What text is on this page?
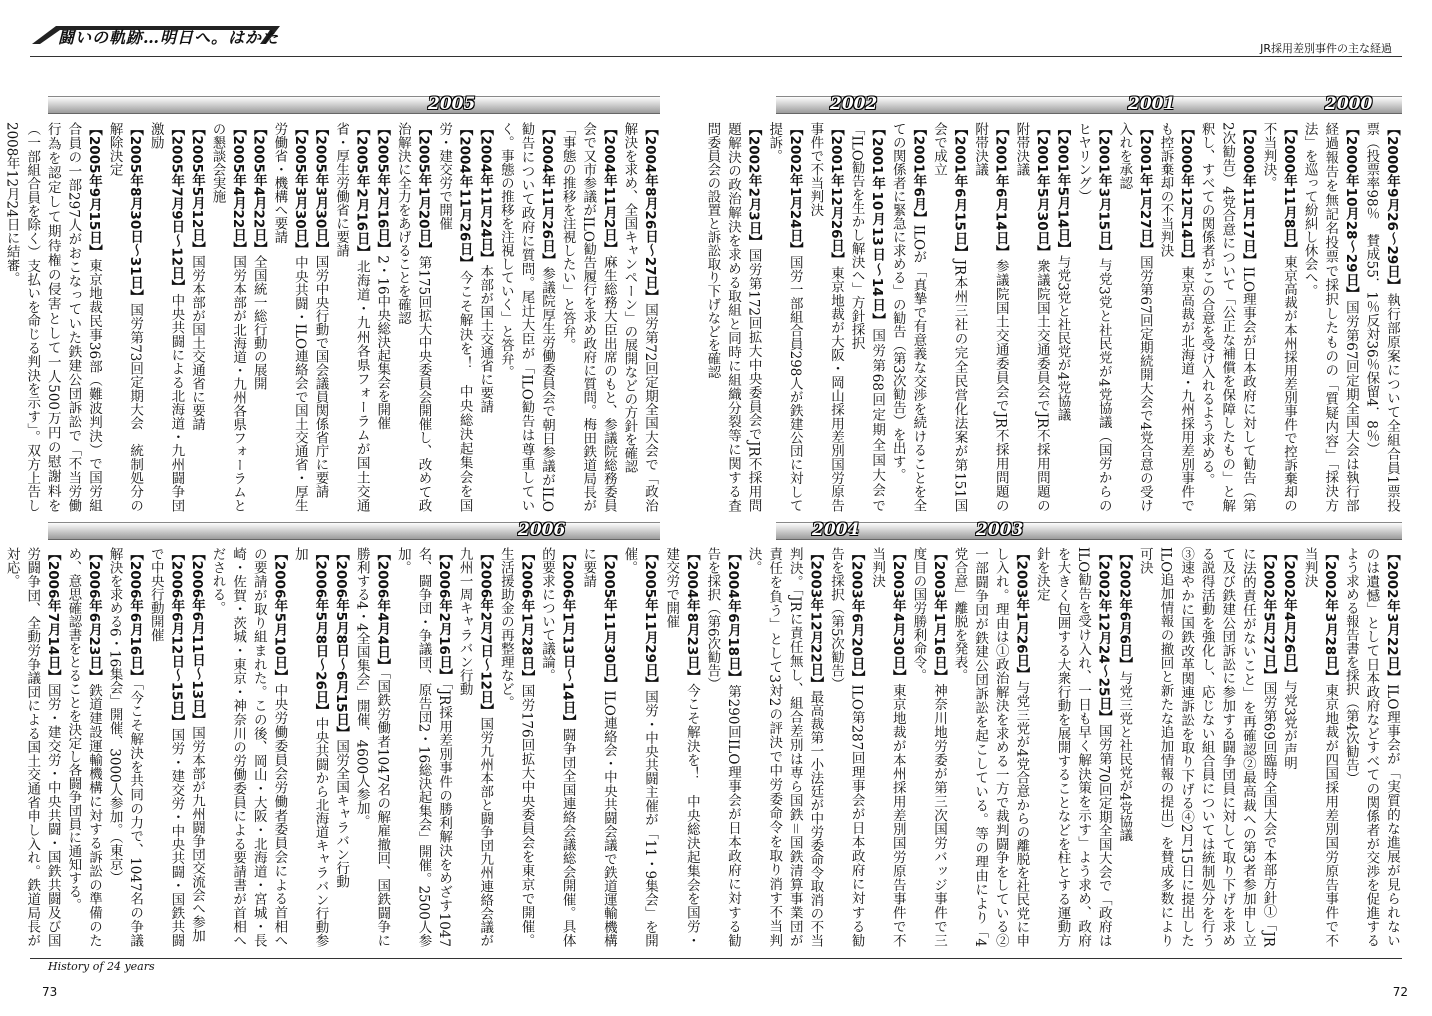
闘いの軌跡…明日へ。はかた
JR採用差別事件の主な経過
2005	2002	2001	2000
2006	2004	2003
【2004年8月26日〜27日】国労第72回定期全国大会で「政治解決を求め、全国キャンペーン」の展開などの方針を確認
【2004年11月2日】麻生総務大臣出席のもと、参議院総務委員会で又市参議がILO勧告履行を求め政府に質問。梅田鉄道局長が「事態の推移を注視したい」と答弁。
【2004年11月26日】参議院厚生労働委員会で朝日参議がILO勧告について政府に質問。尾辻大臣が「ILO勧告は尊重していく。事態の推移を注視していく」と答弁。
【2004年11月24日】本部が国土交通省に要請
【2004年11月26日】今こそ解決を！　中央総決起集会を国労・建交労で開催
【2005年1月20日】第175回拡大中央委員会開催し、改めて政治解決に全力をあげることを確認
【2005年2月16日】2・16中央総決起集会を開催
【2005年2月16日】北海道・九州各県フォーラムが国土交通省・厚生労働省に要請
【2005年3月30日】国労中央行動で国会議員関係省庁に要請
【2005年3月30日】中央共闘・ILO連絡会で国土交通省・厚生労働省・機構へ要請
【2005年4月22日】全国統一総行動の展開
【2005年4月22日】国労本部が北海道・九州各県フォーラムとの懇談会実施
【2005年5月12日】国労本部が国土交通省に要請
【2005年7月9日〜12日】中央共闘による北海道・九州闘争団激励
【2005年8月30日〜31日】国労第73回定期大会　統制処分の解除決定
【2005年9月15日】東京地裁民事36部（難波判決）で国労組合員の一部297人がおこなっていた鉄建公団訴訟で「不当労働行為を認定して期待権の侵害として一人500万円の慰謝料を（一部組合員を除く）支払いを命じる判決を示す」。双方上告し2008年12月24日に結審。
【2005年11月29日】国労・中央共闘主催が「11・9集会」を開催。
【2005年11月30日】ILO連絡会・中央共闘会議で鉄道運輸機構に要請
【2006年1月13日〜14日】闘争団全国連絡会議総会開催。具体的要求について議論。
【2006年1月28日】国労176回拡大中央委員会を東京で開催。生活援助金の再整理など。
【2006年2月7日〜12日】国労九州本部と闘争団九州連絡会議が九州一周キャラバン行動
【2006年2月16日】「JR採用差別事件の勝利解決をめざす1047名、闘争団・争議団、原告団2・16総決起集会」開催。2500人参加。
【2006年4月4日】「国鉄労働者1047名の解雇撤回、国鉄闘争に勝利する4・4全国集会」開催、4600人参加。
【2006年5月8日〜6月15日】国労全国キャラバン行動
【2006年5月8日〜26日】中央共闘から北海道キャラバン行動参加
【2006年5月10日】中央労働委員会労働者委員会による首相への要請が取り組まれた。この後、岡山・大阪・北海道・宮城・長崎・佐賀・茨城・東京・神奈川の労働委員による要請書が首相へだされる。
【2006年6月11日〜13日】国労本部が九州闘争団交流会へ参加
【2006年6月12日〜15日】国労・建交労・中央共闘・国鉄共闘で中央行動開催
【2006年6月16日】「今こそ解決を共同の力で、1047名の争議解決を求める6・16集会」開催、3000人参加。（東京）
【2006年6月23日】鉄道建設運輸機構に対する訴訟の準備のため、意思確認書をとることを決定し各闘争団員に通知する。
【2006年7月14日】国労・建交労・中央共闘・国鉄共闘及び国労闘争団、全動労争議団による国土交通省申し入れ。鉄道局長が対応。
【2000年9月26〜29日】執行部原案について全組合員1票投票（投票率98％　賛成55．1％反対36％保留4．8％）
【2000年10月28〜29日】国労第67回定期全国大会は執行部経過報告を無記名投票で採択したものの「質疑内容」「採決方法」を巡って紛糾し休会へ。
【2000年11月8日】東京高裁が本州採用差別事件で控訴棄却の不当判決。
【2000年11月17日】ILO理事会が日本政府に対して勧告（第2次勧告）4党合意について「公正な補償を保障したもの」と解釈し、すべての関係者がこの合意を受け入れるよう求める。
【2000年12月14日】東京高裁が北海道・九州採用差別事件でも控訴棄却の不当判決
【2001年1月27日】国労第67回定期続開大会で4党合意の受け入れを承認
【2001年3月15日】与党3党と社民党が4党協議（国労からのヒヤリング）
【2001年5月14日】与党3党と社民党が4党協議
【2001年5月30日】衆議院国土交通委員会でJR不採用問題の附帯決議
【2001年6月14日】参議院国土交通委員会でJR不採用問題の附帯決議
【2001年6月15日】JR本州三社の完全民営化法案が第151国会で成立
【2001年6月】ILOが「真摯で有意義な交渉を続けることを全ての関係者に緊急に求める」の勧告（第3次勧告）を出す。
【2001年10月13日〜14日】国労第68回定期全国大会で「ILO勧告を生かし解決へ」方針採択
【2001年12月26日】東京地裁が大阪・岡山採用差別国労原告事件で不当判決
【2002年1月24日】国労一部組合員298人が鉄建公団に対して提訴。
【2002年2月3日】国労第172回拡大中央委員会でJR不採用問題解決の政治解決を求める取組と同時に組織分裂等に関する査問委員会の設置と訴訟取り下げなどを確認
【2002年3月22日】ILO理事会が「実質的な進展が見られないのは遺憾」として日本政府などすべての関係者が交渉を促進するよう求める報告書を採択（第4次勧告）
【2002年3月28日】東京地裁が四国採用差別国労原告事件で不当判決
【2002年4月26日】与党3党が声明
【2002年5月27日】国労第69回臨時全国大会で本部方針①「JRに法的責任がないこと」を再確認②最高裁への第3者参加申し立て及び鉄建公団訴訟に参加する闘争団員に対して取り下げを求める説得活動を強化し、応じない組合員については統制処分を行う③速やかに国鉄改革関連訴訟を取り下げる④2月15日に提出したILO追加情報の撤回と新たな追加情報の提出）を賛成多数により可決
【2002年6月6日】与党三党と社民党が4党協議
【2002年12月24〜25日】国労第70回定期全国大会で「政府はILO勧告を受け入れ、一日も早く解決策を示す」よう求め、政府を大きく包囲する大衆行動を展開することなどを柱とする運動方針を決定
【2003年1月26日】与党三党が4党合意からの離脱を社民党に申し入れ。理由は①政治解決を求める一方で裁判闘争をしている②一部闘争団が鉄建公団訴訟を起こしている。等の理由により「4党合意」離脱を発表。
【2003年1月16日】神奈川地労委が第三次国労バッジ事件で三度目の国労勝利命令。
【2003年4月30日】東京地裁が本州採用差別国労原告事件で不当判決
【2003年6月20日】ILO第287回理事会が日本政府に対する勧告を採択（第5次勧告）
【2003年12月22日】最高裁第一小法廷が中労委命令取消の不当判決。「JRに責任無し、組合差別は専ら国鉄＝国鉄清算事業団が責任を負う」として3対2の評決で中労委命令を取り消す不当判決。
【2004年6月18日】第290回ILO理事会が日本政府に対する勧告を採択（第6次勧告）
【2004年8月23日】今こそ解決を！　中央総決起集会を国労・建交労で開催
History of 24 years
73	72
